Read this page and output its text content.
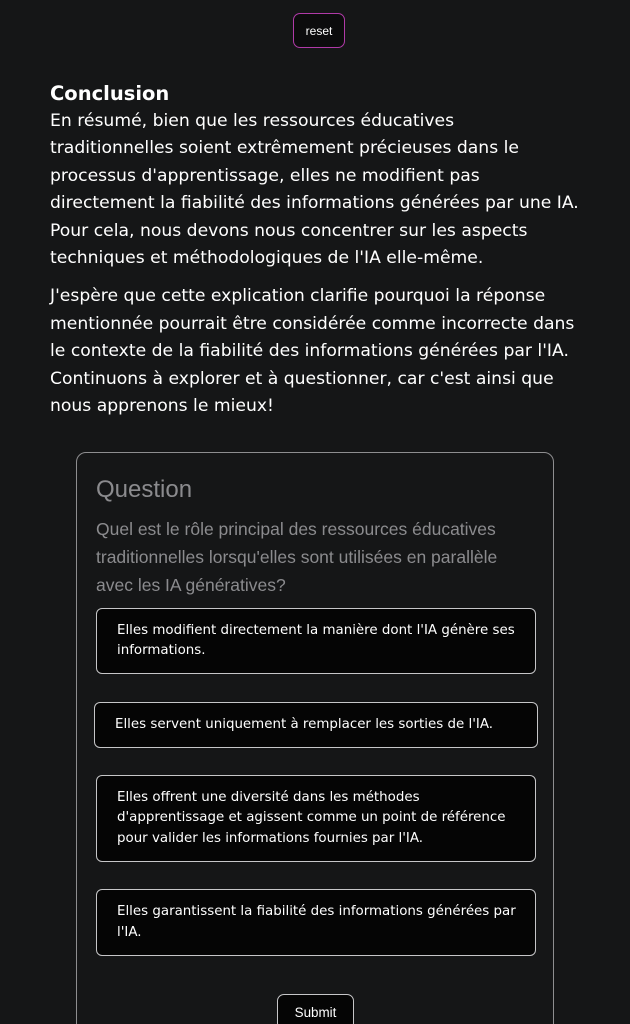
reset
Conclusion

En résumé, bien que les ressources éducatives traditionnelles soient extrêmement précieuses dans le processus d'apprentissage, elles ne modifient pas directement la fiabilité des informations générées par une IA. Pour cela, nous devons nous concentrer sur les aspects techniques et méthodologiques de l'IA elle-même.

J'espère que cette explication clarifie pourquoi la réponse mentionnée pourrait être considérée comme incorrecte dans le contexte de la fiabilité des informations générées par l'IA. Continuons à explorer et à questionner, car c'est ainsi que nous apprenons le mieux!

Question
Quel est le rôle principal des ressources éducatives traditionnelles lorsqu'elles sont utilisées en parallèle avec les IA génératives?
Elles modifient directement la manière dont l'IA génère ses informations.
Elles servent uniquement à remplacer les sorties de l'IA.
Elles offrent une diversité dans les méthodes d'apprentissage et agissent comme un point de référence pour valider les informations fournies par l'IA.
Elles garantissent la fiabilité des informations générées par l'IA.
Submit
